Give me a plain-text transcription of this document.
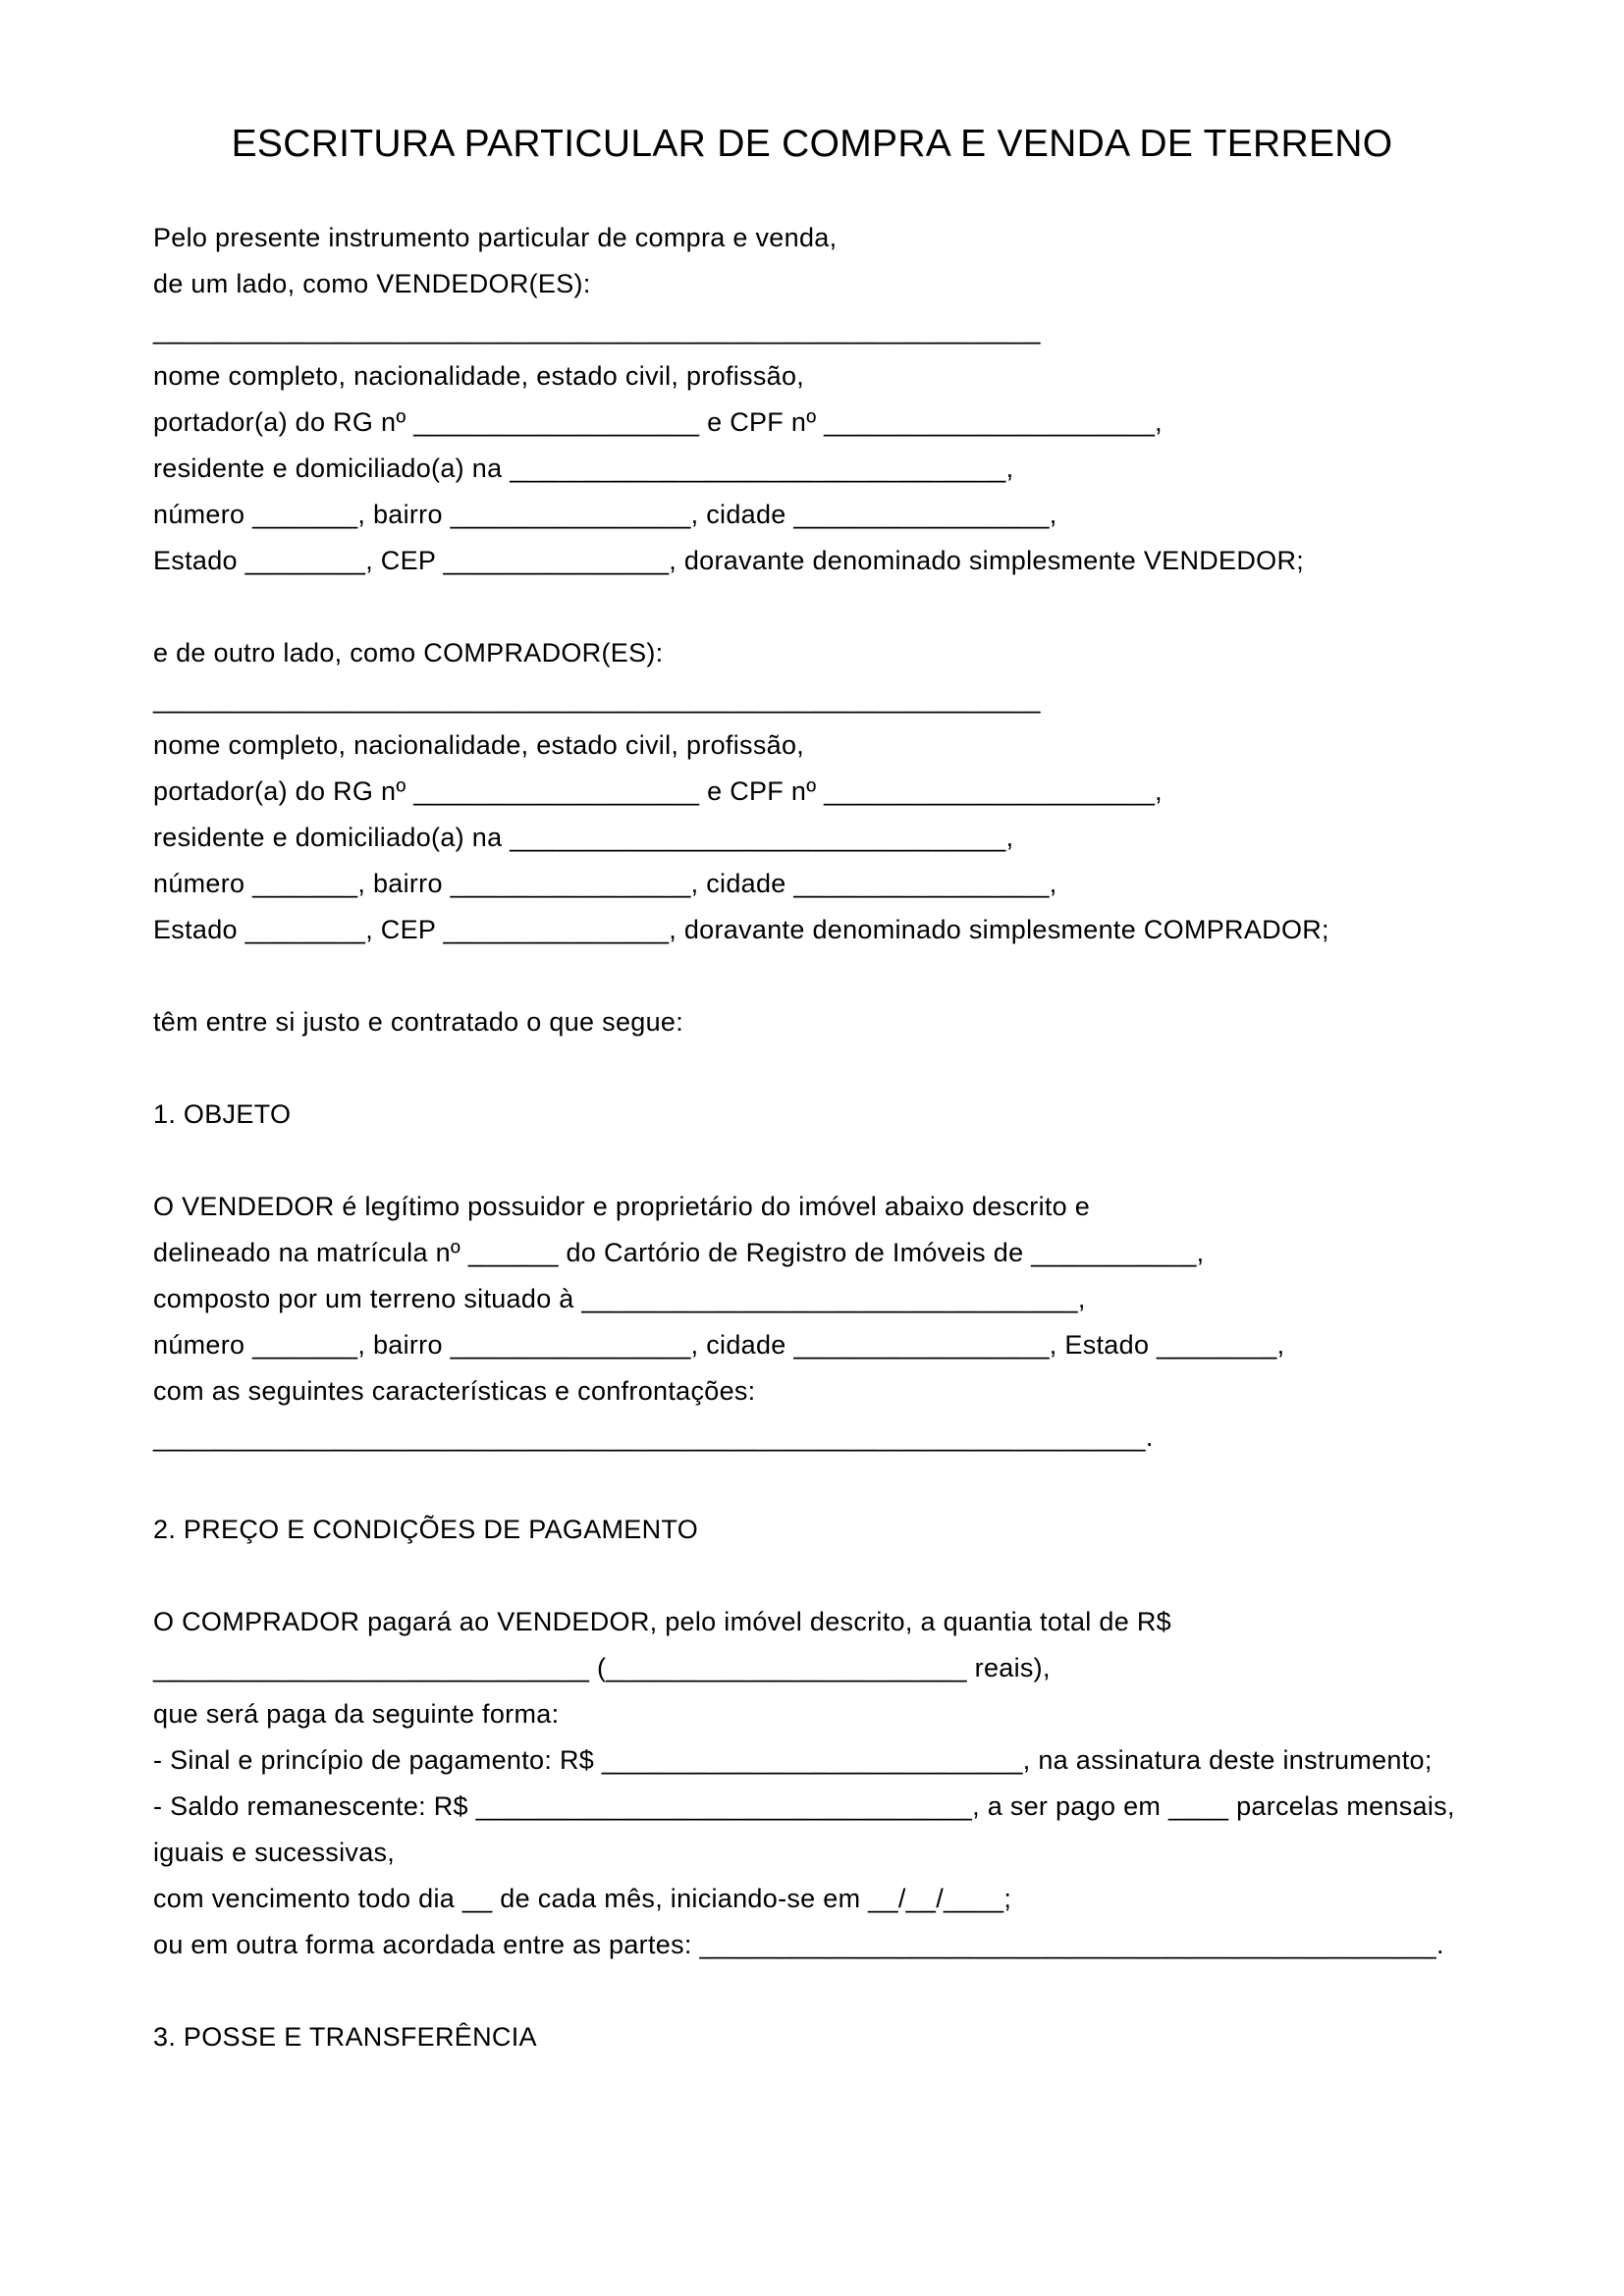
ESCRITURA PARTICULAR DE COMPRA E VENDA DE TERRENO
Pelo presente instrumento particular de compra e venda,
de um lado, como VENDEDOR(ES):
___________________________________________________________
nome completo, nacionalidade, estado civil, profissão,
portador(a) do RG nº ___________________ e CPF nº ______________________,
residente e domiciliado(a) na _________________________________,
número _______, bairro ________________, cidade _________________,
Estado ________, CEP _______________, doravante denominado simplesmente VENDEDOR;

e de outro lado, como COMPRADOR(ES):
___________________________________________________________
nome completo, nacionalidade, estado civil, profissão,
portador(a) do RG nº ___________________ e CPF nº ______________________,
residente e domiciliado(a) na _________________________________,
número _______, bairro ________________, cidade _________________,
Estado ________, CEP _______________, doravante denominado simplesmente COMPRADOR;

têm entre si justo e contratado o que segue:

1. OBJETO

O VENDEDOR é legítimo possuidor e proprietário do imóvel abaixo descrito e
delineado na matrícula nº ______ do Cartório de Registro de Imóveis de ___________,
composto por um terreno situado à _________________________________,
número _______, bairro ________________, cidade _________________, Estado ________,
com as seguintes características e confrontações:
__________________________________________________________________.

2. PREÇO E CONDIÇÕES DE PAGAMENTO

O COMPRADOR pagará ao VENDEDOR, pelo imóvel descrito, a quantia total de R$
_____________________________ (________________________ reais),
que será paga da seguinte forma:
- Sinal e princípio de pagamento: R$ ____________________________, na assinatura deste instrumento;
- Saldo remanescente: R$ _________________________________, a ser pago em ____ parcelas mensais,
iguais e sucessivas,
com vencimento todo dia __ de cada mês, iniciando-se em __/__/____;
ou em outra forma acordada entre as partes: _________________________________________________.

3. POSSE E TRANSFERÊNCIA
